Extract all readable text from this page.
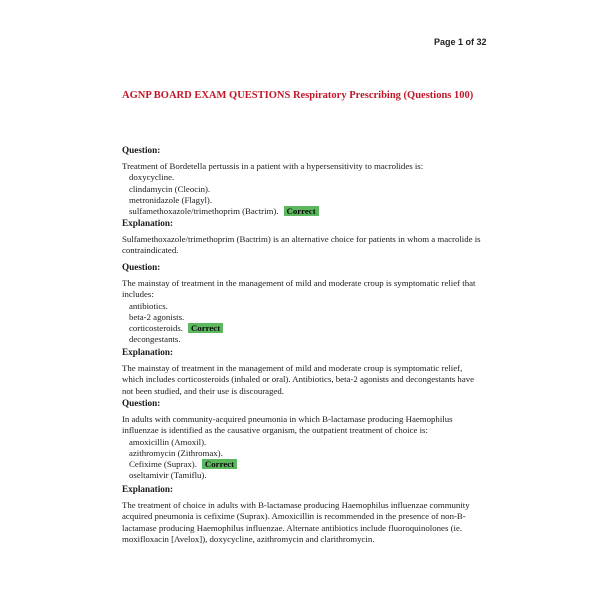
Page 1 of 32
AGNP BOARD EXAM QUESTIONS Respiratory Prescribing (Questions 100)
Question:

Treatment of Bordetella pertussis in a patient with a hypersensitivity to macrolides is:

doxycycline.

clindamycin (Cleocin).

metronidazole (Flagyl).

sulfamethoxazole/trimethoprim (Bactrim). Correct

Explanation:

Sulfamethoxazole/trimethoprim (Bactrim) is an alternative choice for patients in whom a macrolide is contraindicated.

Question:

The mainstay of treatment in the management of mild and moderate croup is symptomatic relief that includes:

antibiotics.

beta-2 agonists.

corticosteroids. Correct

decongestants.

Explanation:

The mainstay of treatment in the management of mild and moderate croup is symptomatic relief, which includes corticosteroids (inhaled or oral). Antibiotics, beta-2 agonists and decongestants have not been studied, and their use is discouraged.

Question:

In adults with community-acquired pneumonia in which B-lactamase producing Haemophilus influenzae is identified as the causative organism, the outpatient treatment of choice is:

amoxicillin (Amoxil).

azithromycin (Zithromax).

Cefixime (Suprax). Correct

oseltamivir (Tamiflu).

Explanation:

The treatment of choice in adults with B-lactamase producing Haemophilus influenzae community acquired pneumonia is cefixime (Suprax). Amoxicillin is recommended in the presence of non-B-lactamase producing Haemophilus influenzae. Alternate antibiotics include fluoroquinolones (ie. moxifloxacin [Avelox]), doxycycline, azithromycin and clarithromycin.
